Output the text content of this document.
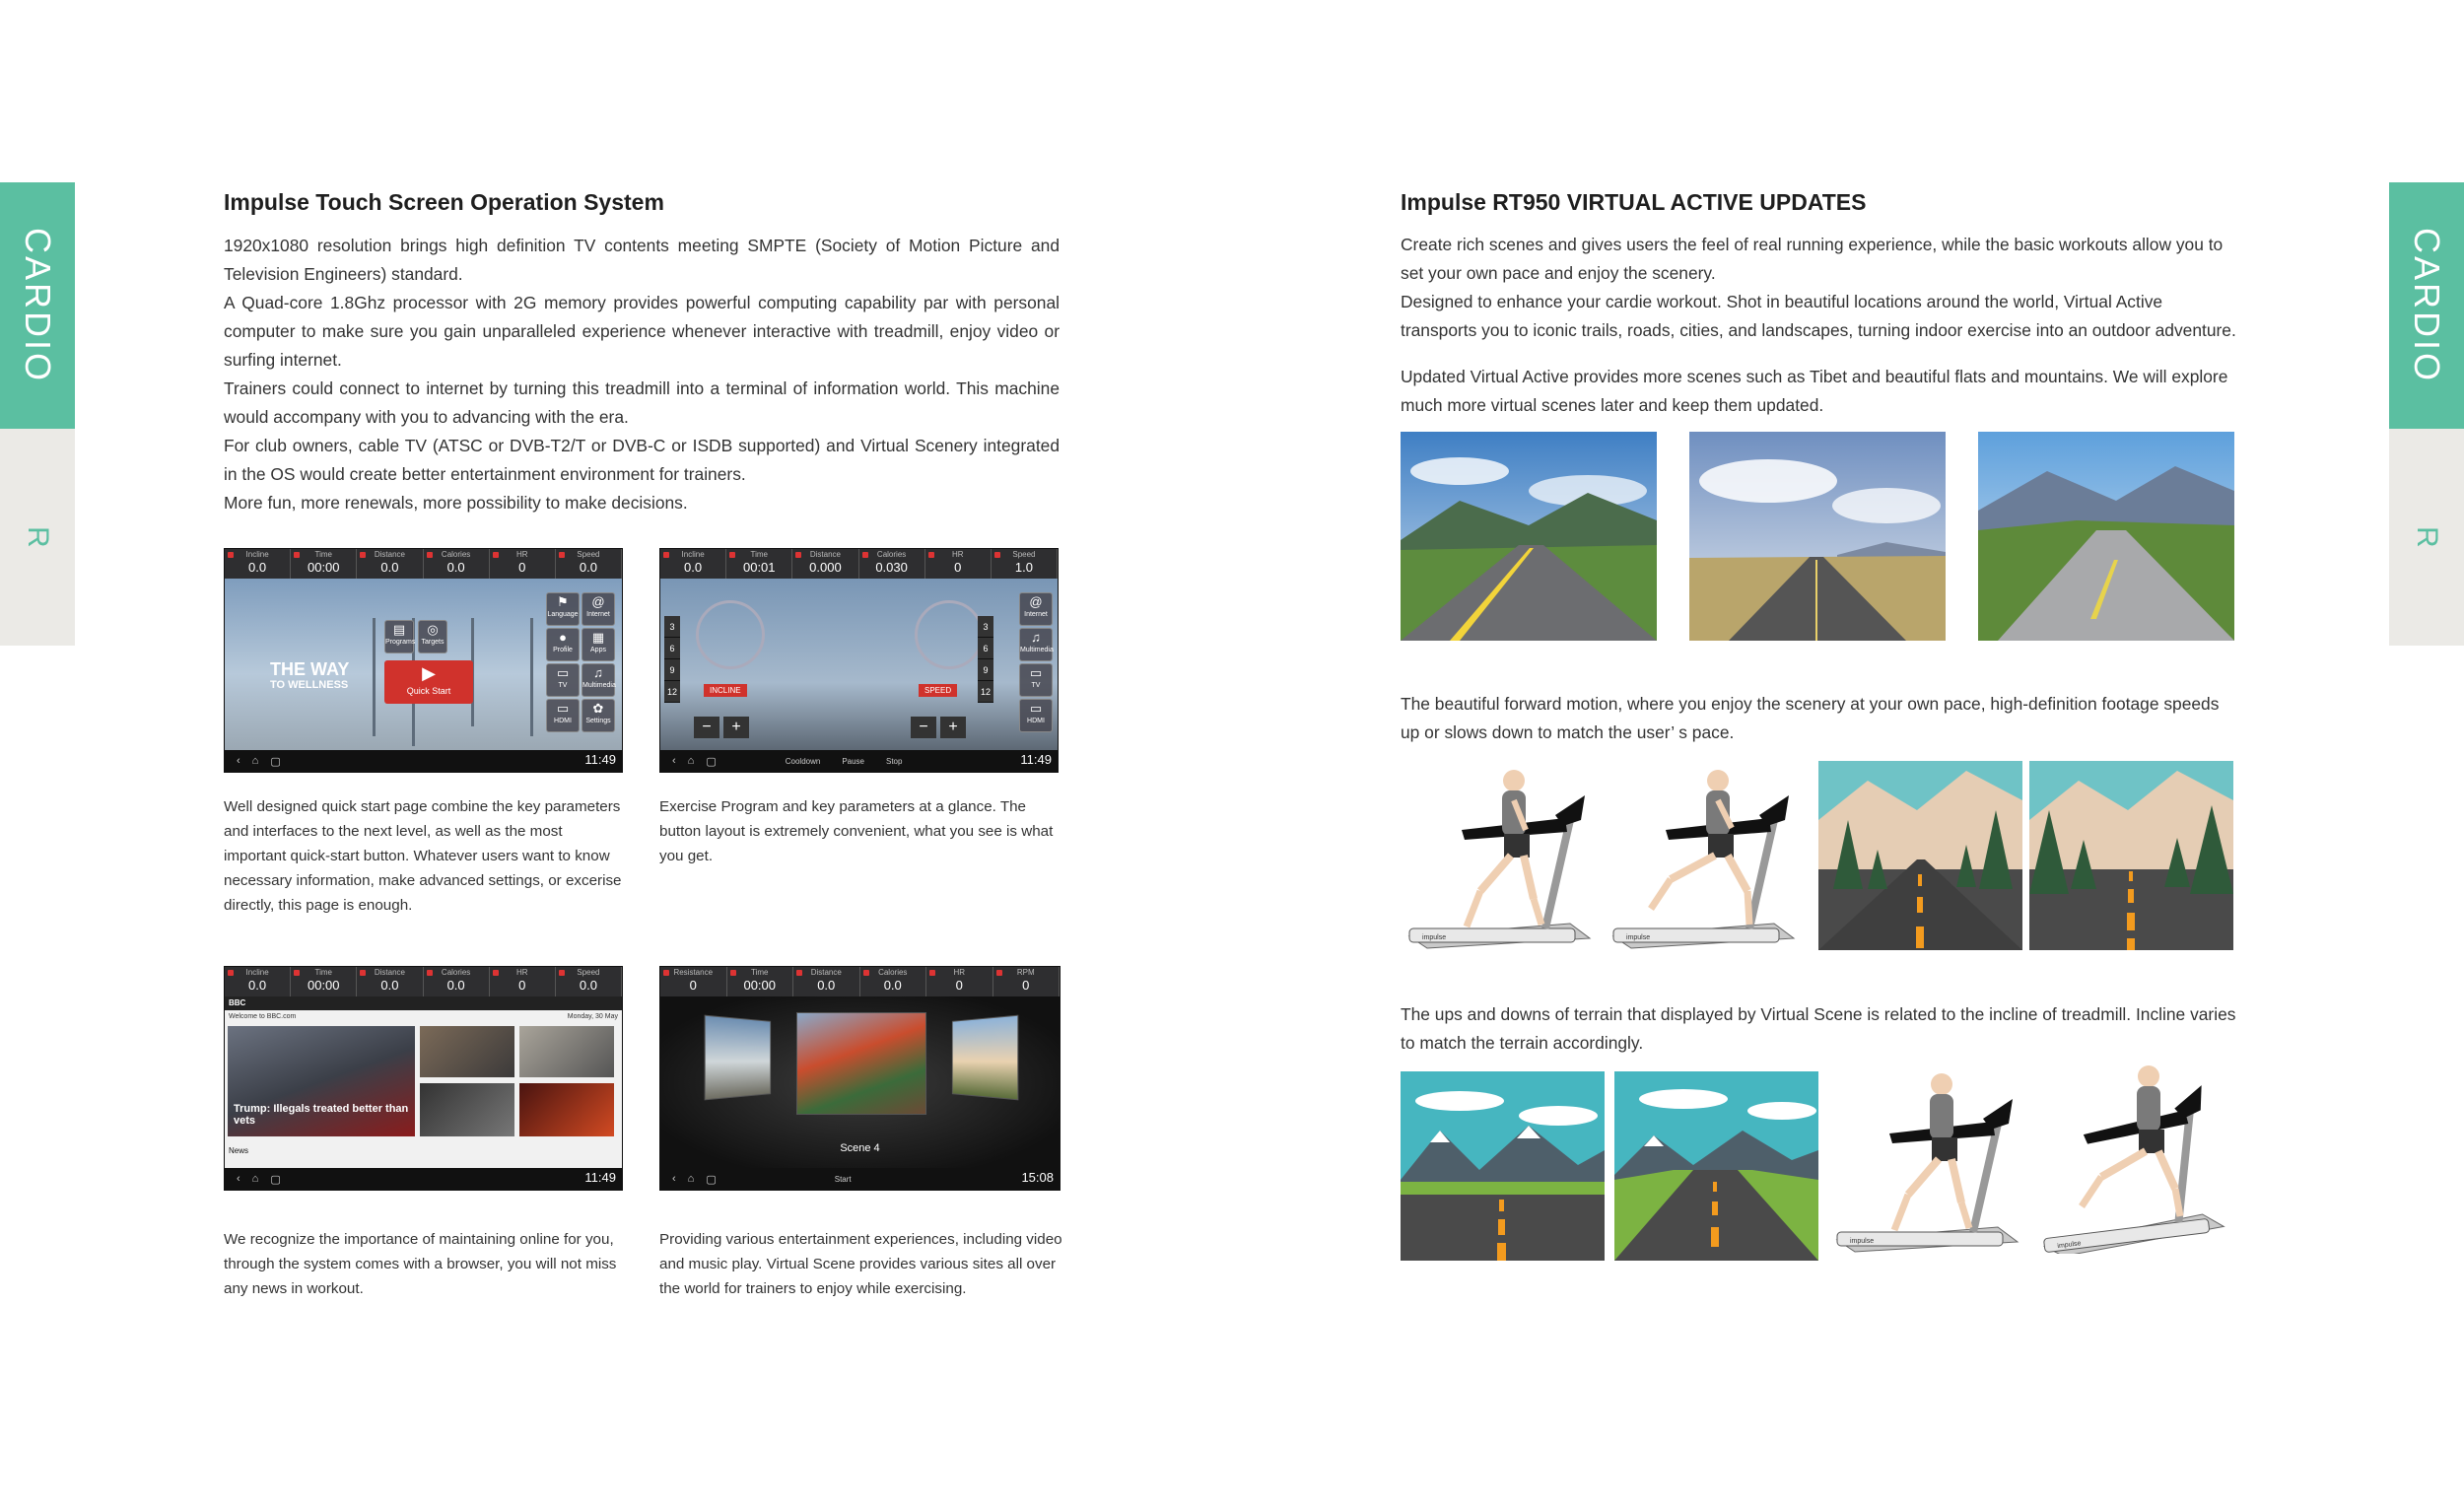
CARDIO
R
CARDIO
R
Impulse Touch Screen Operation System

1920x1080 resolution brings high definition TV contents meeting SMPTE (Society of Motion Picture and Television Engineers) standard.

A Quad-core 1.8Ghz processor with 2G memory provides powerful computing capability par with personal computer to make sure you gain unparalleled experience whenever interactive with treadmill, enjoy video or surfing internet.

Trainers could connect to internet by turning this treadmill into a terminal of information world. This machine would accompany with you to advancing with the era.

For club owners, cable TV (ATSC or DVB-T2/T or DVB-C or ISDB supported) and Virtual Scenery integrated in the OS would create better entertainment environment for trainers.

More fun, more renewals, more possibility to make decisions.

Incline
0.0
Time
00:00
Distance
0.0
Calories
0.0
HR
0
Speed
0.0
THE WAY
TO WELLNESS
▤
Programs
◎
Targets
▶
Quick Start
⚑
Language
@
Internet
●
Profile
▦
Apps
▭
TV
♫
Multimedia
▭
HDMI
✿
Settings
‹ ⌂ ▢	11:49
Incline
0.0
Time
00:01
Distance
0.000
Calories
0.030
HR
0
Speed
1.0
3
6
9
12	INCLINE
−	+
SPEED
−	+
3
6
9
12
@
Internet
♫
Multimedia
▭
TV
▭
HDMI
‹ ⌂ ▢	Cooldown	Pause	Stop	11:49
Well designed quick start page combine the key parameters and interfaces to the next level, as well as the most important quick-start button. Whatever users want to know necessary information, make advanced settings, or excerise directly, this page is enough.
Exercise Program and key parameters at a glance. The button layout is extremely convenient, what you see is what you get.
Incline
0.0
Time
00:00
Distance
0.0
Calories
0.0
HR
0
Speed
0.0
BBC
Welcome to BBC.com	Monday, 30 May
Trump: Illegals treated better than vets
News
‹ ⌂ ▢	11:49
Resistance
0
Time
00:00
Distance
0.0
Calories
0.0
HR
0
RPM
0
Scene 4
‹ ⌂ ▢	Start	15:08
We recognize the importance of maintaining online for you, through the system comes with a browser, you will not miss any news in workout.
Providing various entertainment experiences, including video and music play. Virtual Scene provides various sites all over the world for trainers to enjoy while exercising.
Impulse RT950 VIRTUAL ACTIVE UPDATES

Create rich scenes and gives users the feel of real running experience, while the basic workouts allow you to set your own pace and enjoy the scenery.

Designed to enhance your cardie workout. Shot in beautiful locations around the world, Virtual Active transports you to iconic trails, roads, cities, and landscapes, turning indoor exercise into an outdoor adventure.

Updated Virtual Active provides more scenes such as Tibet and beautiful flats and mountains. We will explore much more virtual scenes later and keep them updated.
The beautiful forward motion, where you enjoy the scenery at your own pace, high-definition footage speeds up or slows down to match the user’ s pace.
impulse	impulse
The ups and downs of terrain that displayed by Virtual Scene is related to the incline of treadmill. Incline varies to match the terrain accordingly.
impulse	impulse
